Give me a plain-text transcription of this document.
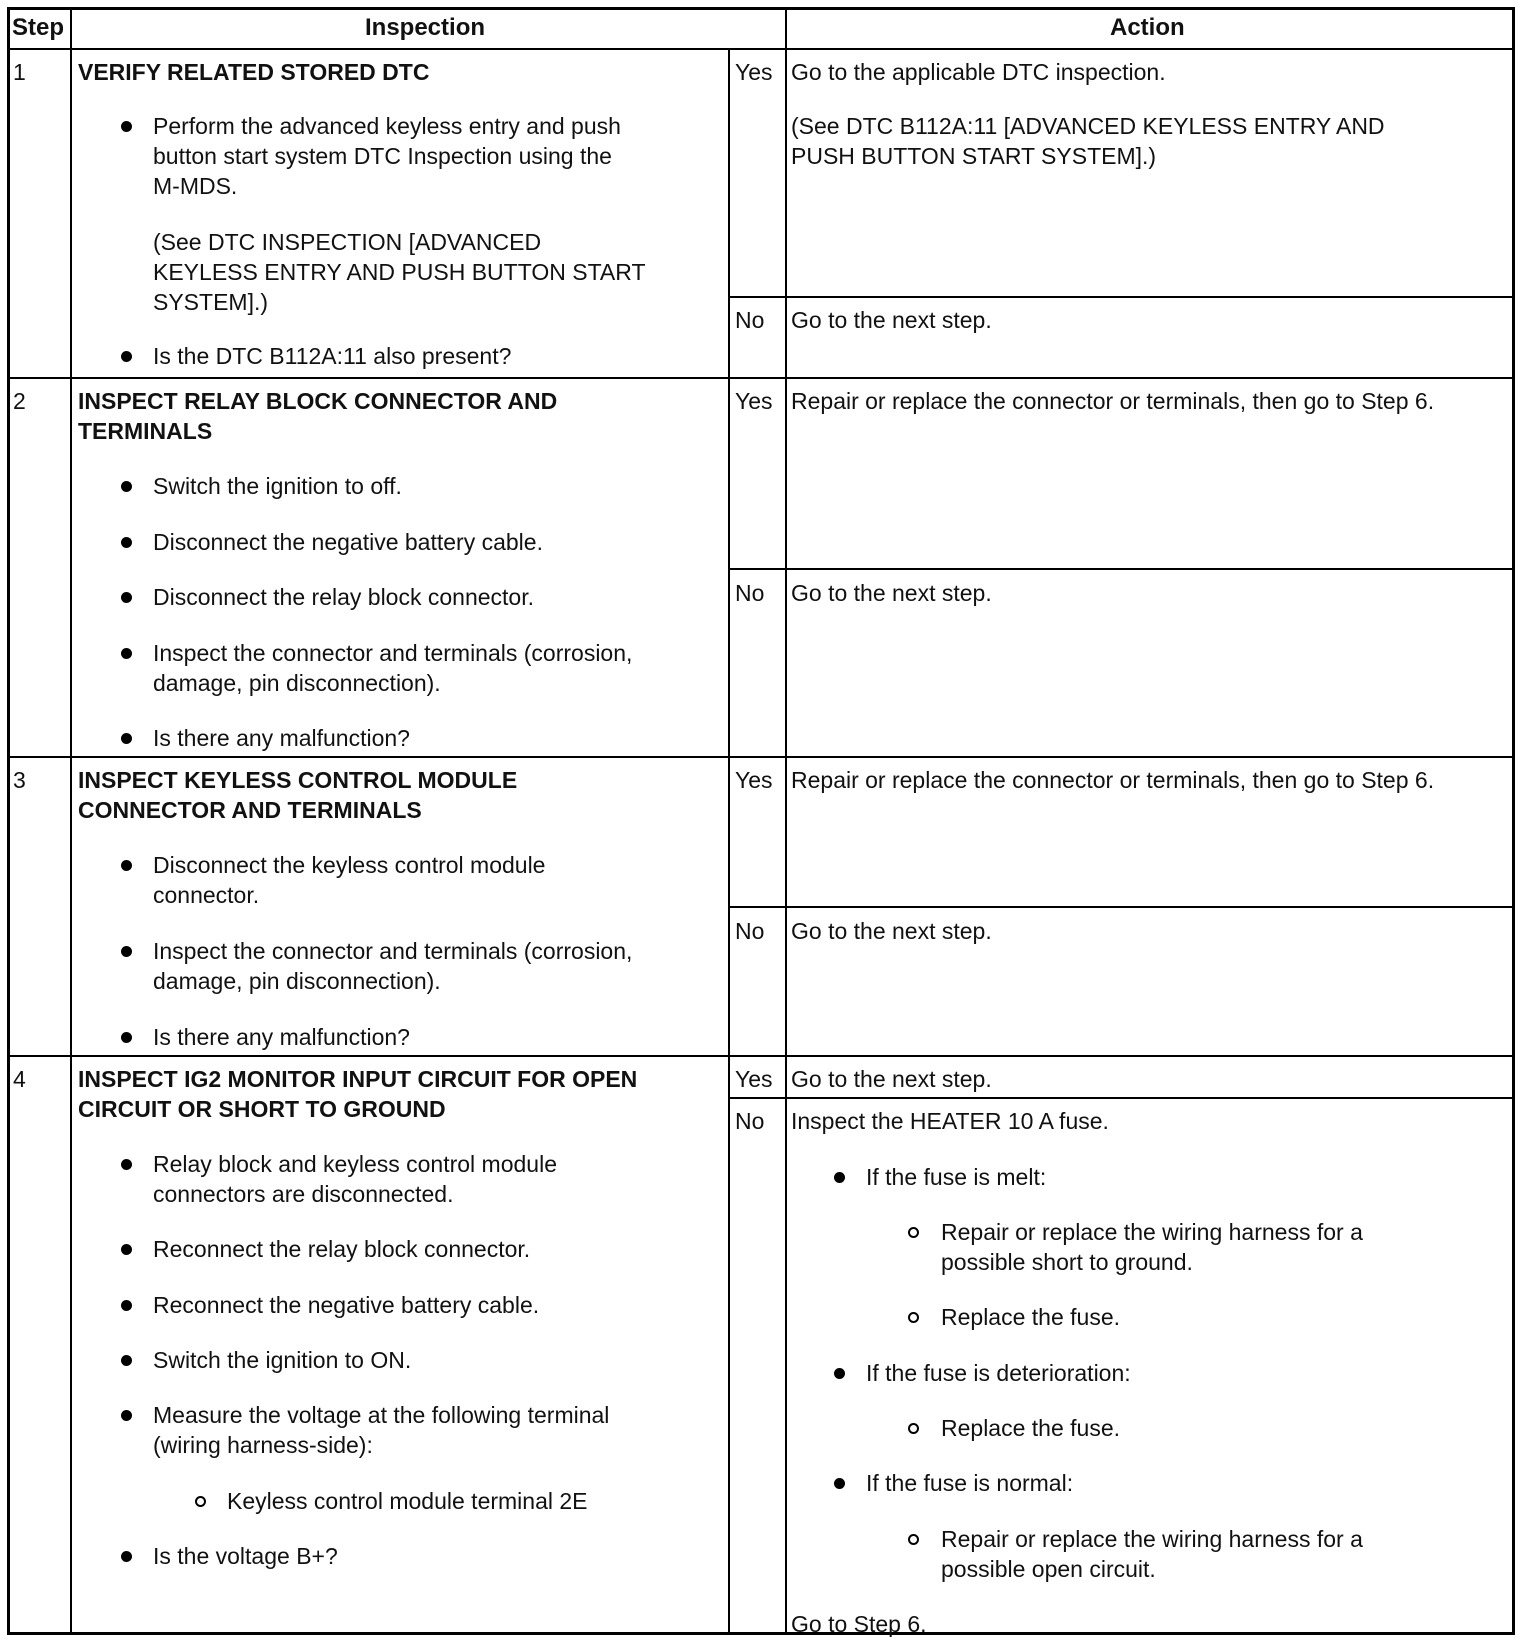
Step	Inspection	Action
1 VERIFY RELATED STORED DTC
Perform the advanced keyless entry and push
button start system DTC Inspection using the
M-MDS.
(See DTC INSPECTION [ADVANCED
KEYLESS ENTRY AND PUSH BUTTON START
SYSTEM].)
Is the DTC B112A:11 also present?
Yes Go to the applicable DTC inspection.
(See DTC B112A:11 [ADVANCED KEYLESS ENTRY AND
PUSH BUTTON START SYSTEM].)
No Go to the next step.
2 INSPECT RELAY BLOCK CONNECTOR AND
TERMINALS
Switch the ignition to off.
Disconnect the negative battery cable.
Disconnect the relay block connector.
Inspect the connector and terminals (corrosion,
damage, pin disconnection).
Is there any malfunction?
Yes Repair or replace the connector or terminals, then go to Step 6.
No Go to the next step.
3 INSPECT KEYLESS CONTROL MODULE
CONNECTOR AND TERMINALS
Disconnect the keyless control module
connector.
Inspect the connector and terminals (corrosion,
damage, pin disconnection).
Is there any malfunction?
Yes Repair or replace the connector or terminals, then go to Step 6.
No Go to the next step.
4 INSPECT IG2 MONITOR INPUT CIRCUIT FOR OPEN
CIRCUIT OR SHORT TO GROUND
Relay block and keyless control module
connectors are disconnected.
Reconnect the relay block connector.
Reconnect the negative battery cable.
Switch the ignition to ON.
Measure the voltage at the following terminal
(wiring harness-side):
Keyless control module terminal 2E
Is the voltage B+?
Yes Go to the next step.
No Inspect the HEATER 10 A fuse.
If the fuse is melt:
Repair or replace the wiring harness for a
possible short to ground.
Replace the fuse.
If the fuse is deterioration:
Replace the fuse.
If the fuse is normal:
Repair or replace the wiring harness for a
possible open circuit.
Go to Step 6.
